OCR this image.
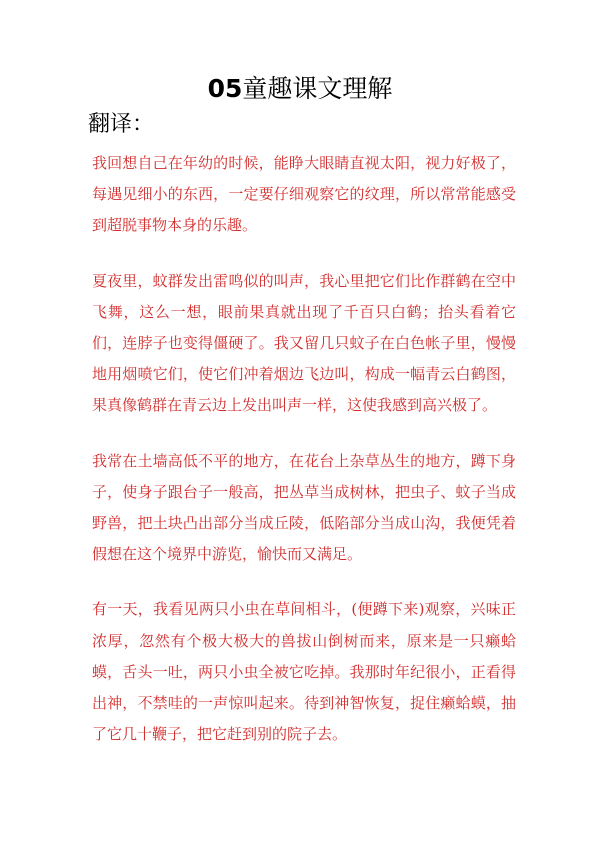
05童趣课文理解
翻译：

我回想自己在年幼的时候，能睁大眼睛直视太阳，视力好极了，每遇见细小的东西，一定要仔细观察它的纹理，所以常常能感受到超脱事物本身的乐趣。

夏夜里，蚊群发出雷鸣似的叫声，我心里把它们比作群鹤在空中飞舞，这么一想，眼前果真就出现了千百只白鹤；抬头看着它们，连脖子也变得僵硬了。我又留几只蚊子在白色帐子里，慢慢地用烟喷它们，使它们冲着烟边飞边叫，构成一幅青云白鹤图，果真像鹤群在青云边上发出叫声一样，这使我感到高兴极了。

我常在土墙高低不平的地方，在花台上杂草丛生的地方，蹲下身子，使身子跟台子一般高，把丛草当成树林，把虫子、蚊子当成野兽，把土块凸出部分当成丘陵，低陷部分当成山沟，我便凭着假想在这个境界中游览，愉快而又满足。

有一天，我看见两只小虫在草间相斗，(便蹲下来)观察，兴味正浓厚，忽然有个极大极大的兽拔山倒树而来，原来是一只癞蛤蟆，舌头一吐，两只小虫全被它吃掉。我那时年纪很小，正看得出神，不禁哇的一声惊叫起来。待到神智恢复，捉住癞蛤蟆，抽了它几十鞭子，把它赶到别的院子去。
